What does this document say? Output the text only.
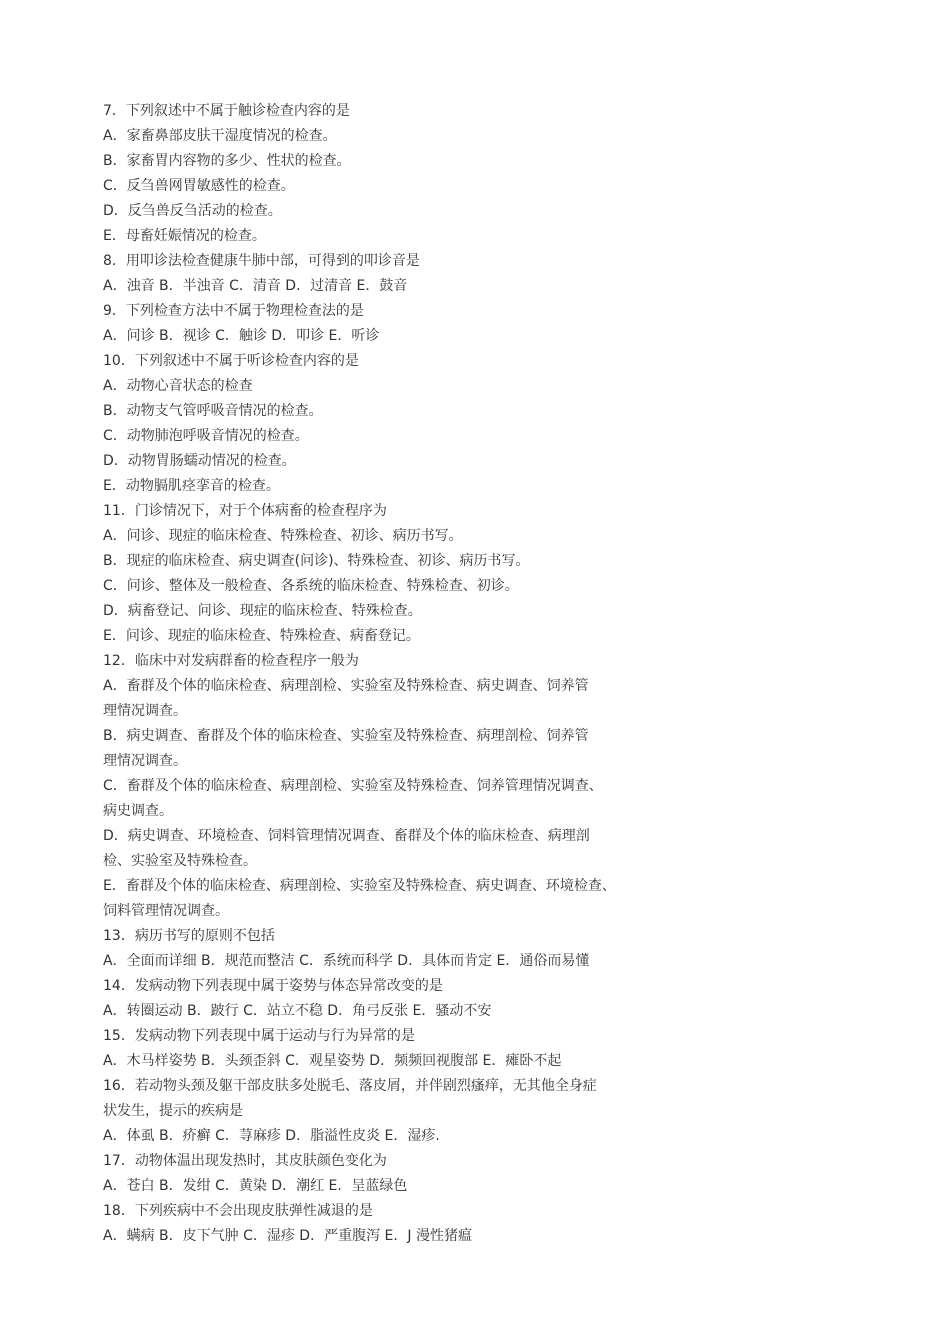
7．下列叙述中不属于触诊检查内容的是
A．家畜鼻部皮肤干湿度情况的检查。
B．家畜胃内容物的多少、性状的检查。
C．反刍兽网胃敏感性的检查。
D．反刍兽反刍活动的检查。
E．母畜妊娠情况的检查。
8．用叩诊法检查健康牛肺中部，可得到的叩诊音是
A．浊音 B．半浊音 C．清音 D．过清音 E．鼓音
9．下列检查方法中不属于物理检查法的是
A．问诊 B．视诊 C．触诊 D．叩诊 E．听诊
10．下列叙述中不属于听诊检查内容的是
A．动物心音状态的检查
B．动物支气管呼吸音情况的检查。
C．动物肺泡呼吸音情况的检查。
D．动物胃肠蠕动情况的检查。
E．动物膈肌痉挛音的检查。
11．门诊情况下，对于个体病畜的检查程序为
A．问诊、现症的临床检查、特殊检查、初诊、病历书写。
B．现症的临床检查、病史调查(问诊)、特殊检查、初诊、病历书写。
C．问诊、整体及一般检查、各系统的临床检查、特殊检查、初诊。
D．病畜登记、问诊、现症的临床检查、特殊检查。
E．问诊、现症的临床检查、特殊检查、病畜登记。
12．临床中对发病群畜的检查程序一般为
A．畜群及个体的临床检查、病理剖检、实验室及特殊检查、病史调查、饲养管
理情况调查。
B．病史调查、畜群及个体的临床检查、实验室及特殊检查、病理剖检、饲养管
理情况调查。
C．畜群及个体的临床检查、病理剖检、实验室及特殊检查、饲养管理情况调查、
病史调查。
D．病史调查、环境检查、饲料管理情况调查、畜群及个体的临床检查、病理剖
检、实验室及特殊检查。
E．畜群及个体的临床检查、病理剖检、实验室及特殊检查、病史调查、环境检查、
饲料管理情况调查。
13．病历书写的原则不包括
A．全面而详细 B．规范而整洁 C．系统而科学 D．具体而肯定 E．通俗而易懂
14．发病动物下列表现中属于姿势与体态异常改变的是
A．转圈运动 B．跛行 C．站立不稳 D．角弓反张 E．骚动不安
15．发病动物下列表现中属于运动与行为异常的是
A．木马样姿势 B．头颈歪斜 C．观星姿势 D．频频回视腹部 E．瘫卧不起
16．若动物头颈及躯干部皮肤多处脱毛、落皮屑，并伴剧烈瘙痒，无其他全身症
状发生，提示的疾病是
A．体虱 B．疥癣 C．荨麻疹 D．脂溢性皮炎 E．湿疹.
17．动物体温出现发热时，其皮肤颜色变化为
A．苍白 B．发绀 C．黄染 D．潮红 E．呈蓝绿色
18．下列疾病中不会出现皮肤弹性减退的是
A．螨病 B．皮下气肿 C．湿疹 D．严重腹泻 E．J 漫性猪瘟
